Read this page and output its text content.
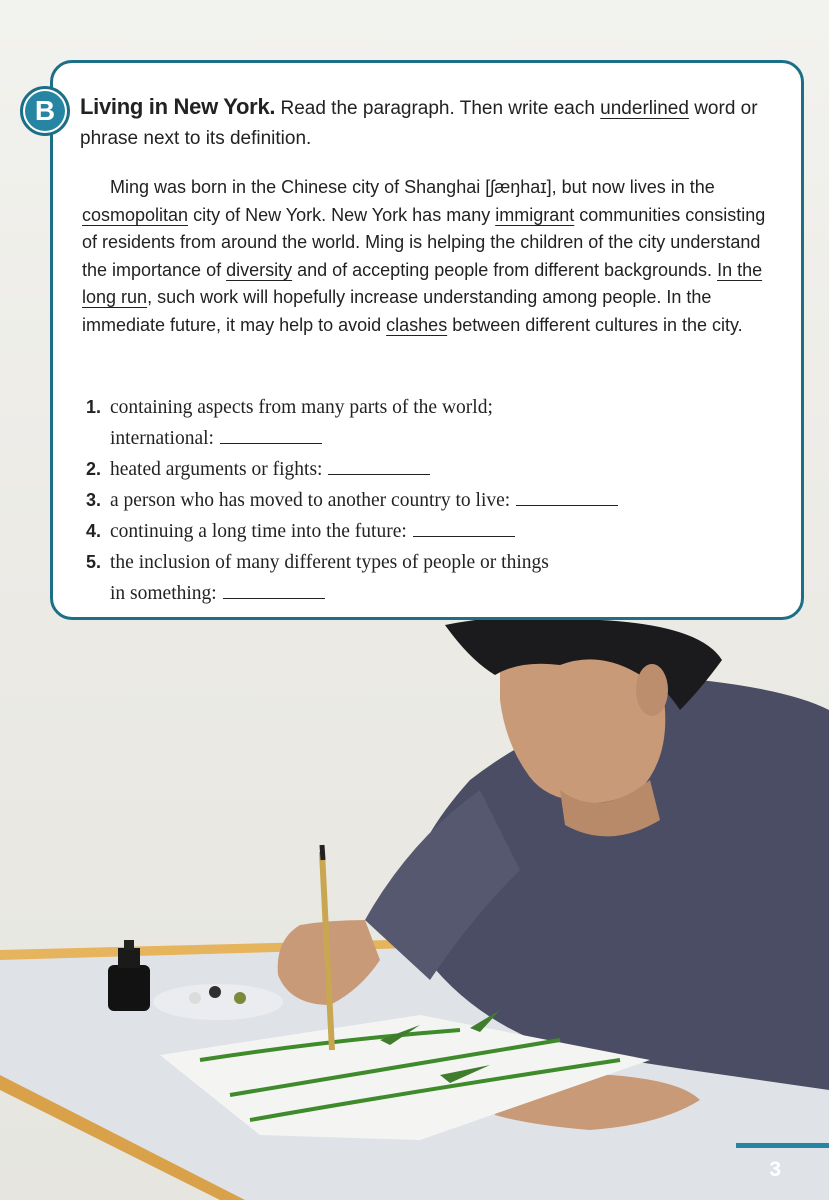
B	Living in New York. Read the paragraph. Then write each underlined word or phrase next to its definition.
Ming was born in the Chinese city of Shanghai [ʃæŋhaɪ], but now lives in the cosmopolitan city of New York. New York has many immigrant communities consisting of residents from around the world. Ming is helping the children of the city understand the importance of diversity and of accepting people from different backgrounds. In the long run, such work will hopefully increase understanding among people. In the immediate future, it may help to avoid clashes between different cultures in the city.
1. containing aspects from many parts of the world;
international:
2. heated arguments or fights:
3. a person who has moved to another country to live:
4. continuing a long time into the future:
5. the inclusion of many different types of people or things
in something:
3
